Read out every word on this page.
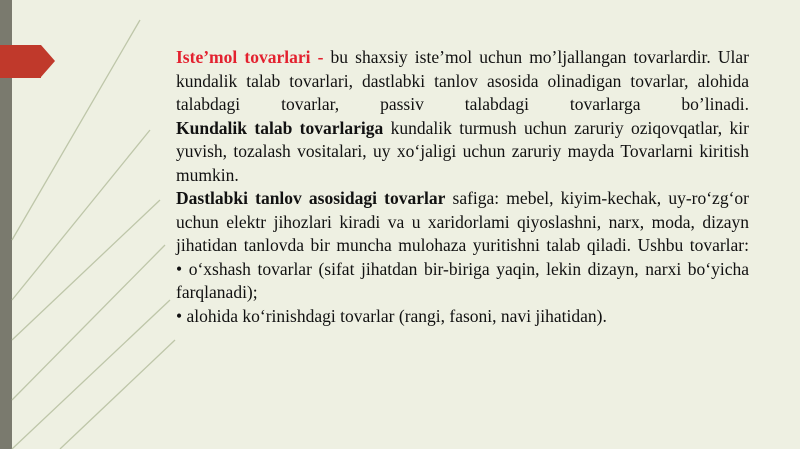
Iste’mol tovarlari - bu shaxsiy iste’mol uchun mo’ljallangan tovarlardir. Ular kundalik talab tovarlari, dastlabki tanlov asosida olinadigan tovarlar, alohida talabdagi tovarlar, passiv talabdagi tovarlarga bo’linadi.

Kundalik talab tovarlariga kundalik turmush uchun zaruriy oziqovqatlar, kir yuvish, tozalash vositalari, uy xo‘jaligi uchun zaruriy mayda Tovarlarni kiritish mumkin.

Dastlabki tanlov asosidagi tovarlar safiga: mebel, kiyim-kechak, uy-ro‘zg‘or uchun elektr jihozlari kiradi va u xaridorlami qiyoslashni, narx, moda, dizayn jihatidan tanlovda bir muncha mulohaza yuritishni talab qiladi. Ushbu tovarlar:

• o‘xshash tovarlar (sifat jihatdan bir-biriga yaqin, lekin dizayn, narxi bo‘yicha farqlanadi);

• alohida ko‘rinishdagi tovarlar (rangi, fasoni, navi jihatidan).
